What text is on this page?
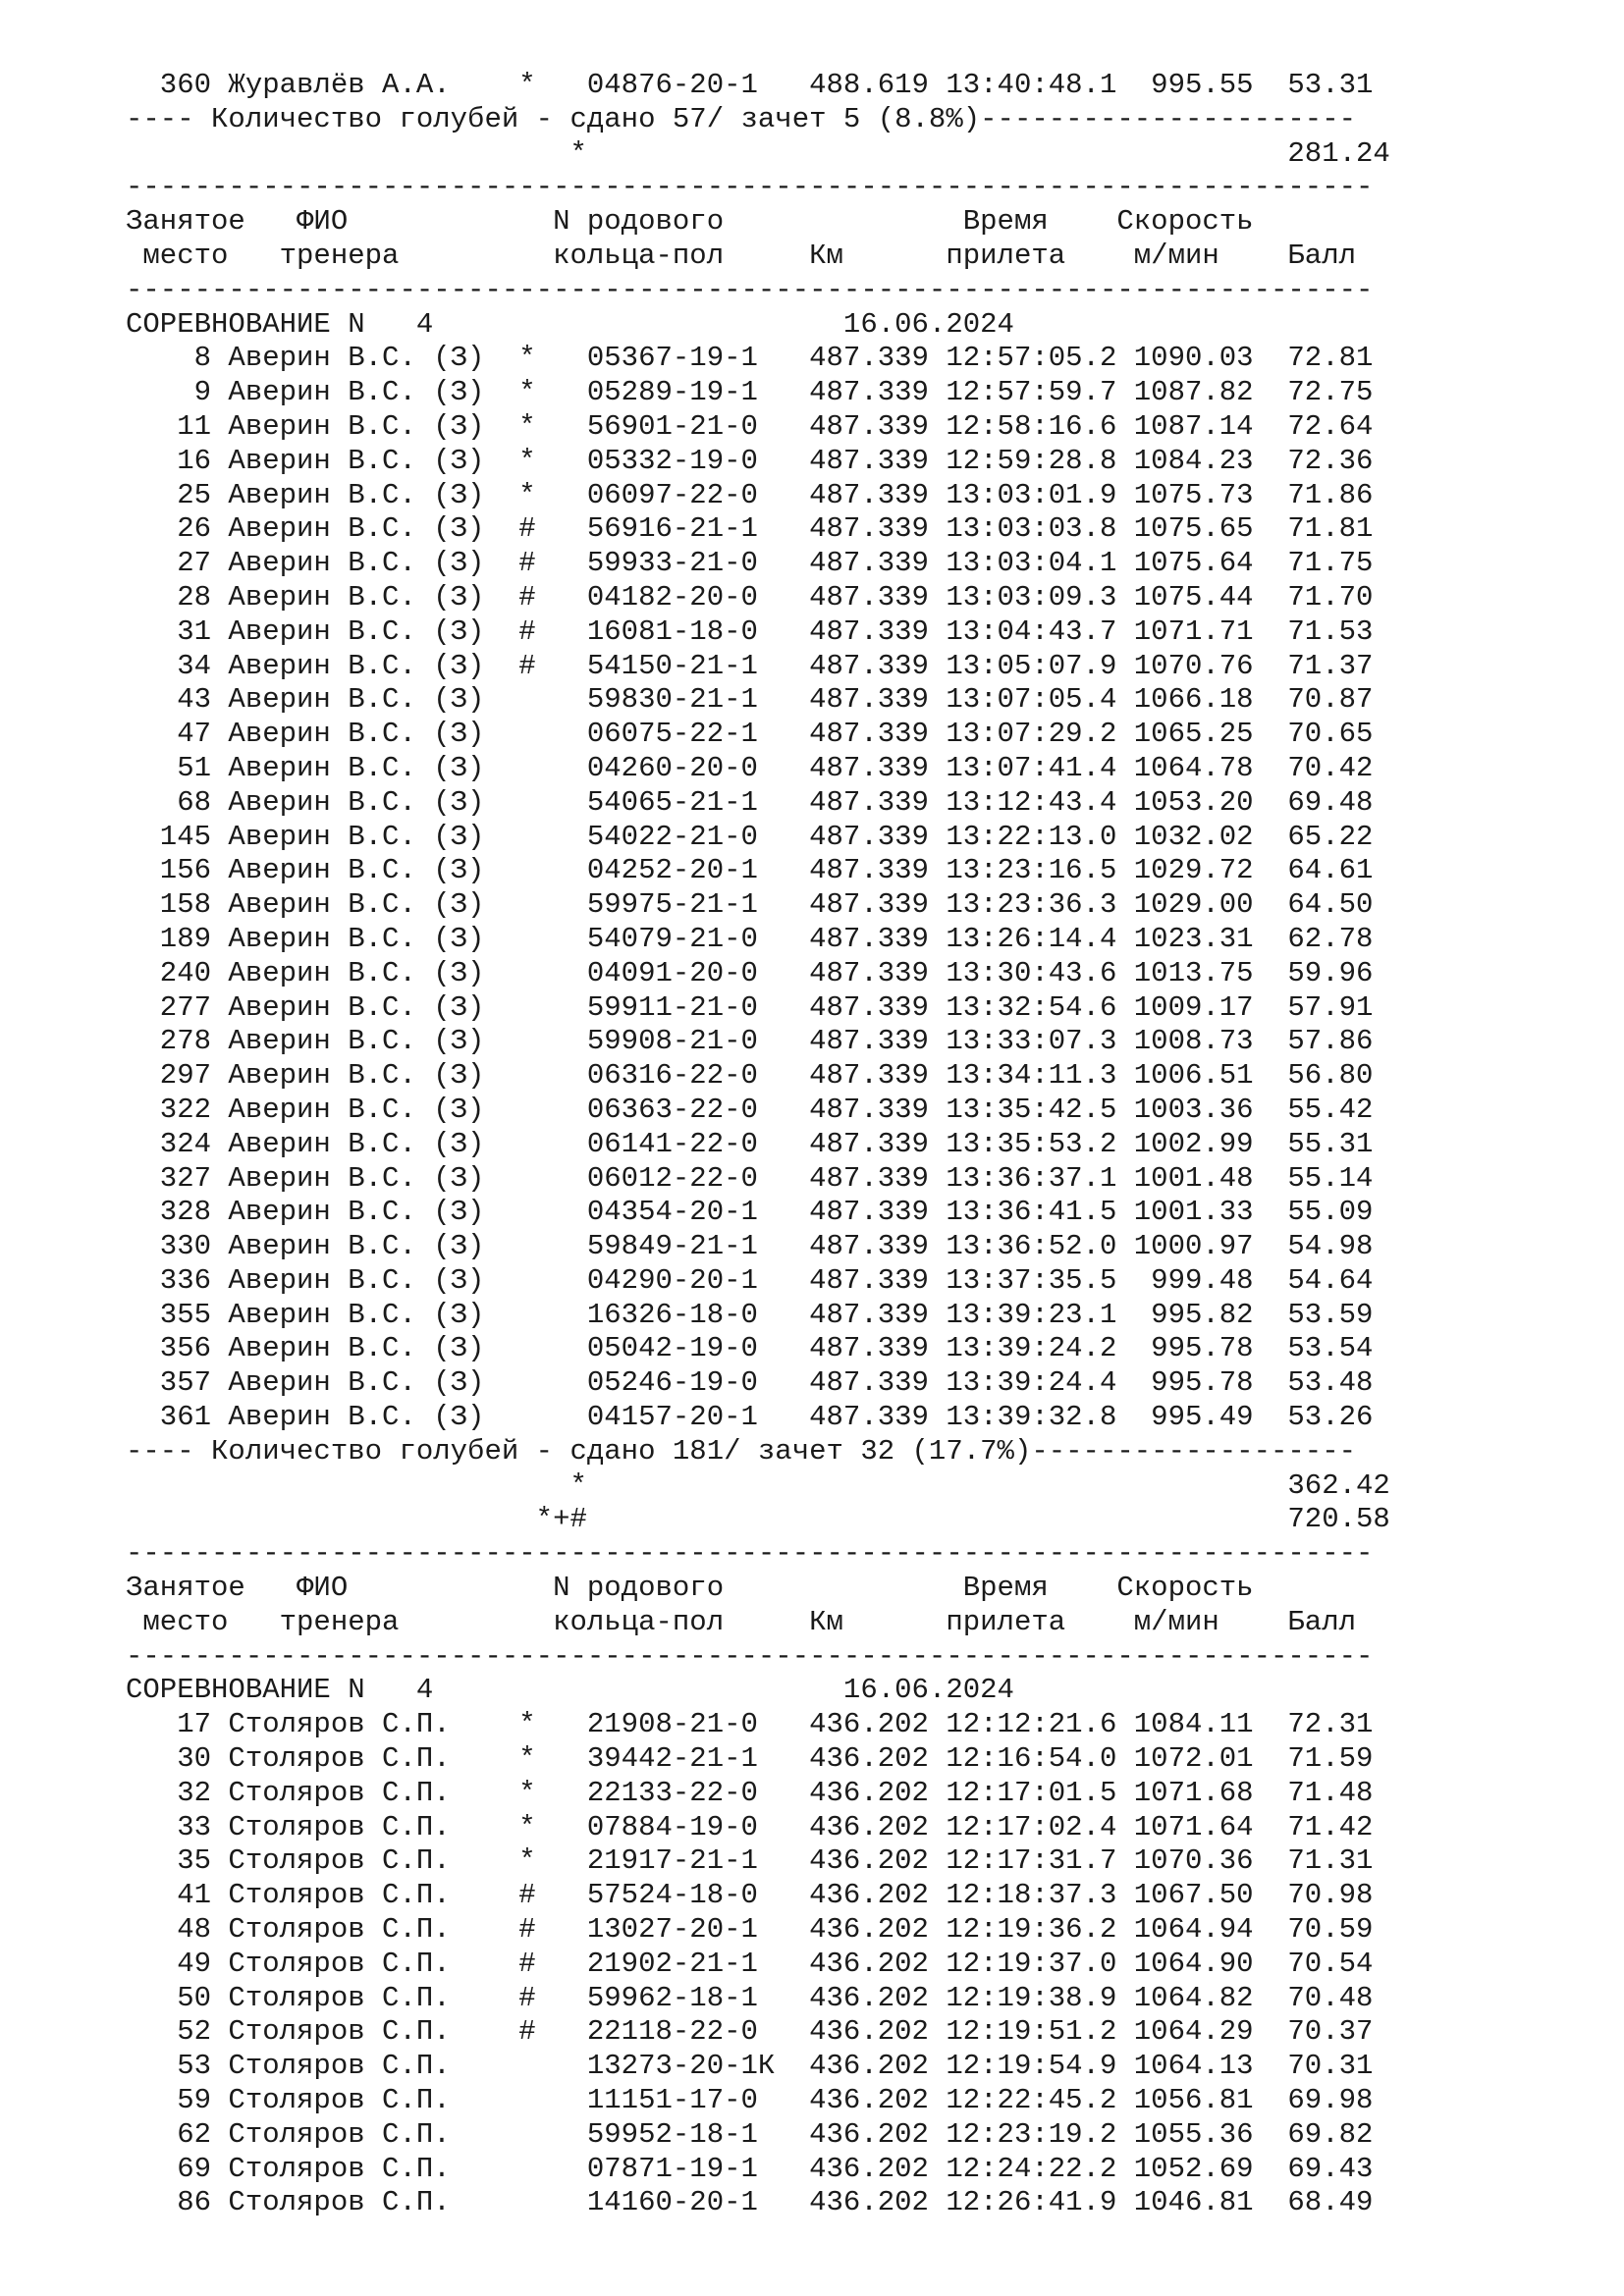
360 Журавлёв А.А.    *   04876-20-1   488.619 13:40:48.1  995.55  53.31
---- Количество голубей - сдано 57/ зачет 5 (8.8%)----------------------
*                                         281.24
-------------------------------------------------------------------------
Занятое   ФИО            N родового              Время    Скорость
место   тренера         кольца-пол     Км      прилета    м/мин    Балл
-------------------------------------------------------------------------
СОРЕВНОВАНИЕ N   4                        16.06.2024
8 Аверин В.С. (З)  *   05367-19-1   487.339 12:57:05.2 1090.03  72.81
9 Аверин В.С. (З)  *   05289-19-1   487.339 12:57:59.7 1087.82  72.75
11 Аверин В.С. (З)  *   56901-21-0   487.339 12:58:16.6 1087.14  72.64
16 Аверин В.С. (З)  *   05332-19-0   487.339 12:59:28.8 1084.23  72.36
25 Аверин В.С. (З)  *   06097-22-0   487.339 13:03:01.9 1075.73  71.86
26 Аверин В.С. (З)  #   56916-21-1   487.339 13:03:03.8 1075.65  71.81
27 Аверин В.С. (З)  #   59933-21-0   487.339 13:03:04.1 1075.64  71.75
28 Аверин В.С. (З)  #   04182-20-0   487.339 13:03:09.3 1075.44  71.70
31 Аверин В.С. (З)  #   16081-18-0   487.339 13:04:43.7 1071.71  71.53
34 Аверин В.С. (З)  #   54150-21-1   487.339 13:05:07.9 1070.76  71.37
43 Аверин В.С. (З)      59830-21-1   487.339 13:07:05.4 1066.18  70.87
47 Аверин В.С. (З)      06075-22-1   487.339 13:07:29.2 1065.25  70.65
51 Аверин В.С. (З)      04260-20-0   487.339 13:07:41.4 1064.78  70.42
68 Аверин В.С. (З)      54065-21-1   487.339 13:12:43.4 1053.20  69.48
145 Аверин В.С. (З)      54022-21-0   487.339 13:22:13.0 1032.02  65.22
156 Аверин В.С. (З)      04252-20-1   487.339 13:23:16.5 1029.72  64.61
158 Аверин В.С. (З)      59975-21-1   487.339 13:23:36.3 1029.00  64.50
189 Аверин В.С. (З)      54079-21-0   487.339 13:26:14.4 1023.31  62.78
240 Аверин В.С. (З)      04091-20-0   487.339 13:30:43.6 1013.75  59.96
277 Аверин В.С. (З)      59911-21-0   487.339 13:32:54.6 1009.17  57.91
278 Аверин В.С. (З)      59908-21-0   487.339 13:33:07.3 1008.73  57.86
297 Аверин В.С. (З)      06316-22-0   487.339 13:34:11.3 1006.51  56.80
322 Аверин В.С. (З)      06363-22-0   487.339 13:35:42.5 1003.36  55.42
324 Аверин В.С. (З)      06141-22-0   487.339 13:35:53.2 1002.99  55.31
327 Аверин В.С. (З)      06012-22-0   487.339 13:36:37.1 1001.48  55.14
328 Аверин В.С. (З)      04354-20-1   487.339 13:36:41.5 1001.33  55.09
330 Аверин В.С. (З)      59849-21-1   487.339 13:36:52.0 1000.97  54.98
336 Аверин В.С. (З)      04290-20-1   487.339 13:37:35.5  999.48  54.64
355 Аверин В.С. (З)      16326-18-0   487.339 13:39:23.1  995.82  53.59
356 Аверин В.С. (З)      05042-19-0   487.339 13:39:24.2  995.78  53.54
357 Аверин В.С. (З)      05246-19-0   487.339 13:39:24.4  995.78  53.48
361 Аверин В.С. (З)      04157-20-1   487.339 13:39:32.8  995.49  53.26
---- Количество голубей - сдано 181/ зачет 32 (17.7%)-------------------
*                                         362.42
*+#                                         720.58
-------------------------------------------------------------------------
Занятое   ФИО            N родового              Время    Скорость
место   тренера         кольца-пол     Км      прилета    м/мин    Балл
-------------------------------------------------------------------------
СОРЕВНОВАНИЕ N   4                        16.06.2024
17 Столяров С.П.    *   21908-21-0   436.202 12:12:21.6 1084.11  72.31
30 Столяров С.П.    *   39442-21-1   436.202 12:16:54.0 1072.01  71.59
32 Столяров С.П.    *   22133-22-0   436.202 12:17:01.5 1071.68  71.48
33 Столяров С.П.    *   07884-19-0   436.202 12:17:02.4 1071.64  71.42
35 Столяров С.П.    *   21917-21-1   436.202 12:17:31.7 1070.36  71.31
41 Столяров С.П.    #   57524-18-0   436.202 12:18:37.3 1067.50  70.98
48 Столяров С.П.    #   13027-20-1   436.202 12:19:36.2 1064.94  70.59
49 Столяров С.П.    #   21902-21-1   436.202 12:19:37.0 1064.90  70.54
50 Столяров С.П.    #   59962-18-1   436.202 12:19:38.9 1064.82  70.48
52 Столяров С.П.    #   22118-22-0   436.202 12:19:51.2 1064.29  70.37
53 Столяров С.П.        13273-20-1К  436.202 12:19:54.9 1064.13  70.31
59 Столяров С.П.        11151-17-0   436.202 12:22:45.2 1056.81  69.98
62 Столяров С.П.        59952-18-1   436.202 12:23:19.2 1055.36  69.82
69 Столяров С.П.        07871-19-1   436.202 12:24:22.2 1052.69  69.43
86 Столяров С.П.        14160-20-1   436.202 12:26:41.9 1046.81  68.49
